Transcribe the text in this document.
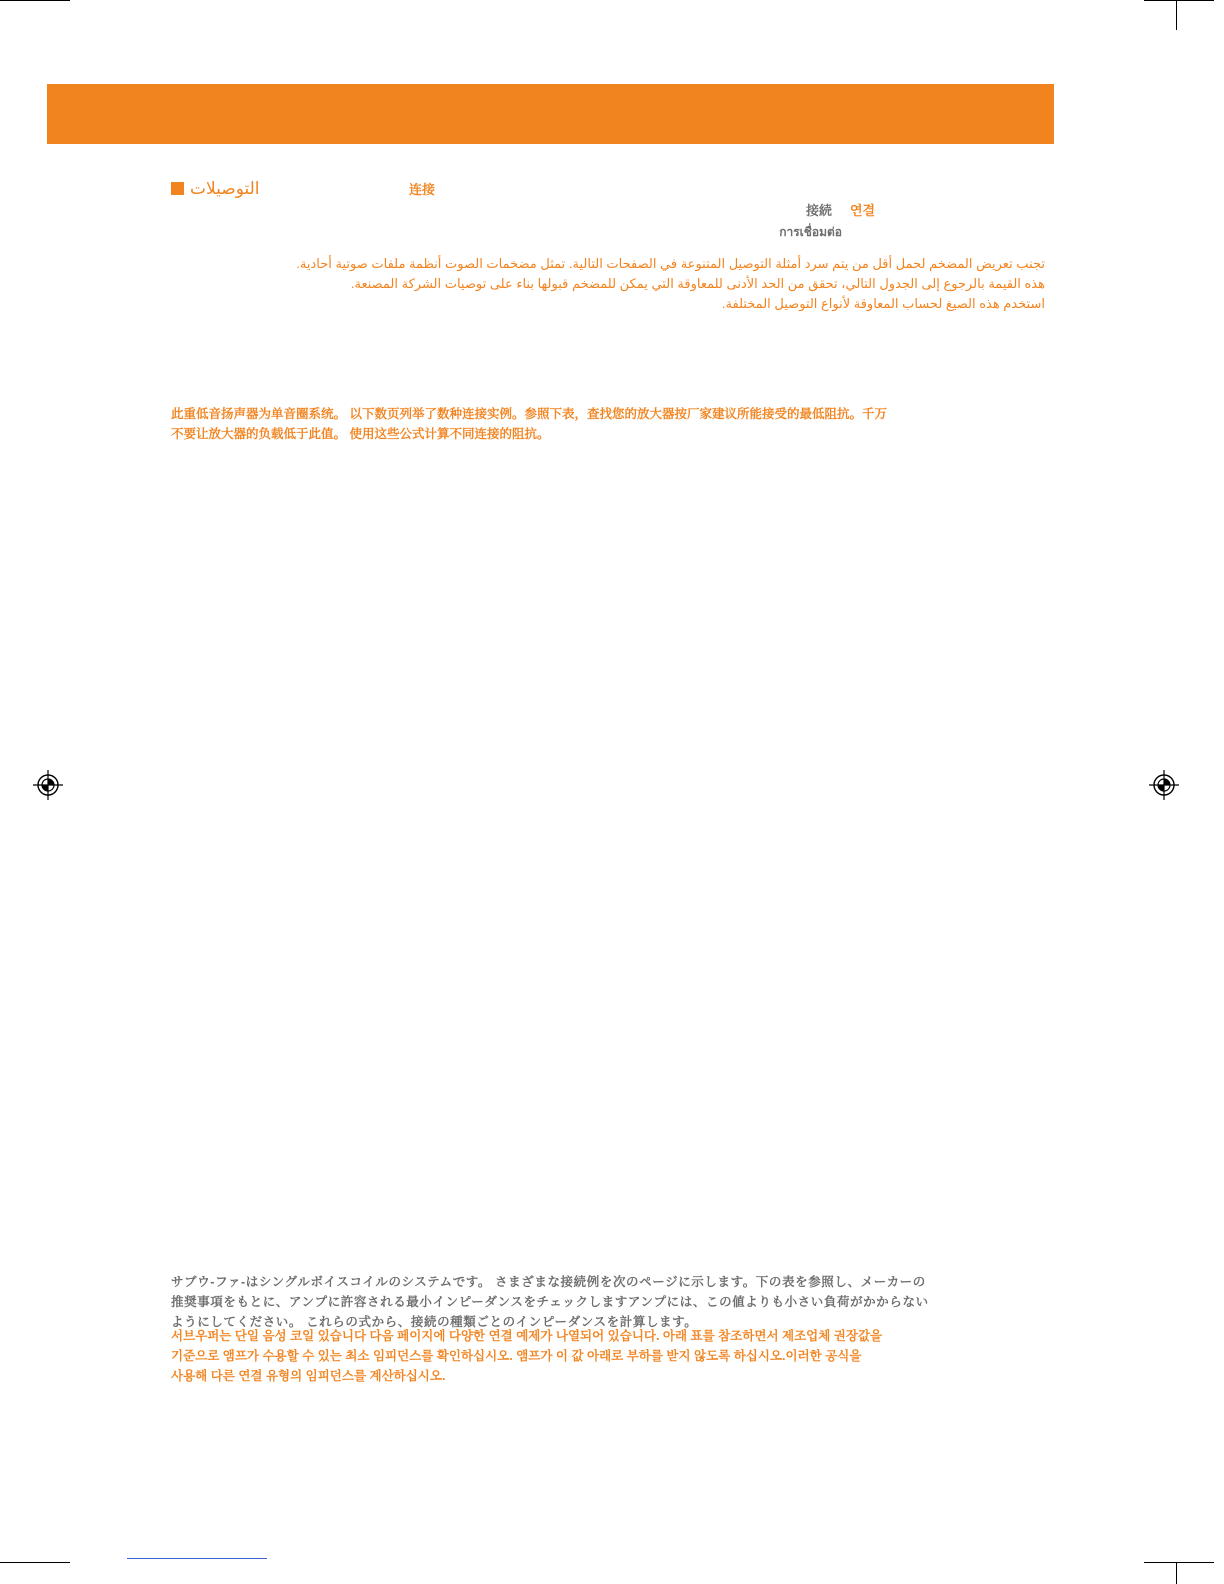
التوصيلات	连接
接続 연결
การเชื่อมต่อ
تجنب تعريض المضخم لحمل أقل من يتم سرد أمثلة التوصيل المتنوعة في الصفحات التالية. تمثل مضخمات الصوت أنظمة ملفات صوتية أحادية.
هذه القيمة بالرجوع إلى الجدول التالي، تحقق من الحد الأدنى للمعاوقة التي يمكن للمضخم قبولها بناء على توصيات الشركة المصنعة.
استخدم هذه الصيغ لحساب المعاوقة لأنواع التوصيل المختلفة.
此重低音扬声器为单音圈系统。 以下数页列举了数种连接实例。参照下表，查找您的放大器按厂家建议所能接受的最低阻抗。千万
不要让放大器的负载低于此值。 使用这些公式计算不同连接的阻抗。
サブウ-ファ-はシングルボイスコイルのシステムです。 さまざまな接続例を次のページに示します。下の表を参照し、メーカーの
推奨事項をもとに、アンプに許容される最小インピーダンスをチェックしますアンプには、この値よりも小さい負荷がかからない
ようにしてください。 これらの式から、接続の種類ごとのインピーダンスを計算します。
서브우퍼는 단일 음성 코일 있습니다 다음 페이지에 다양한 연결 예제가 나열되어 있습니다. 아래 표를 참조하면서 제조업체 권장값을
기준으로 앰프가 수용할 수 있는 최소 임피던스를 확인하십시오. 앰프가 이 값 아래로 부하를 받지 않도록 하십시오.이러한 공식을
사용해 다른 연결 유형의 임피던스를 계산하십시오.
